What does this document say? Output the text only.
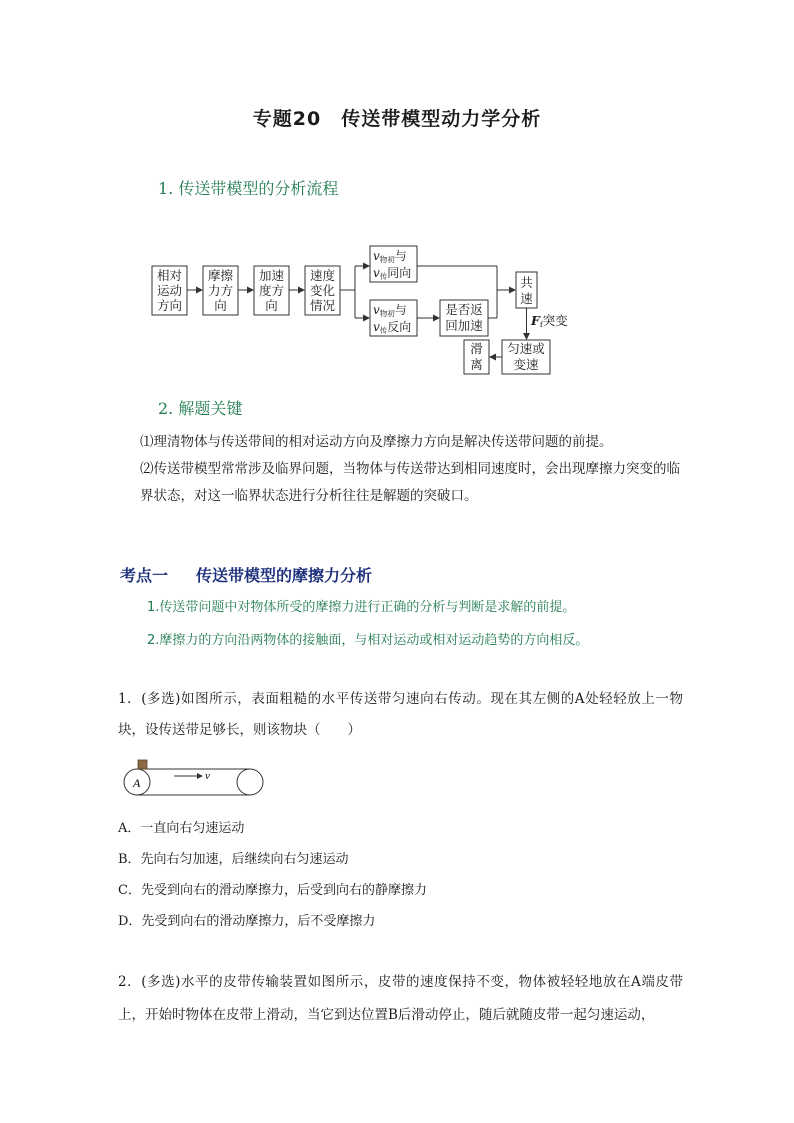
专题20　传送带模型动力学分析
1. 传送带模型的分析流程
相对
运动
方向
摩擦
力方
向
加速
度方
向
速度
变化
情况
v物初与
v传同向
v物初与
v传反向
是否返
回加速
共
速
Ff突变
匀速或
变速
滑
离
2. 解题关键
⑴理清物体与传送带间的相对运动方向及摩擦力方向是解决传送带问题的前提。
⑵传送带模型常常涉及临界问题，当物体与传送带达到相同速度时，会出现摩擦力突变的临界状态，对这一临界状态进行分析往往是解题的突破口。
考点一 传送带模型的摩擦力分析
1.传送带问题中对物体所受的摩擦力进行正确的分析与判断是求解的前提。
2.摩擦力的方向沿两物体的接触面，与相对运动或相对运动趋势的方向相反。
1．(多选)如图所示，表面粗糙的水平传送带匀速向右传动。现在其左侧的A处轻轻放上一物块，设传送带足够长，则该物块（　　）
A	v
A．一直向右匀速运动
B．先向右匀加速，后继续向右匀速运动
C．先受到向右的滑动摩擦力，后受到向右的静摩擦力
D．先受到向右的滑动摩擦力，后不受摩擦力
2．(多选)水平的皮带传输装置如图所示，皮带的速度保持不变，物体被轻轻地放在A端皮带上，开始时物体在皮带上滑动，当它到达位置B后滑动停止，随后就随皮带一起匀速运动，
